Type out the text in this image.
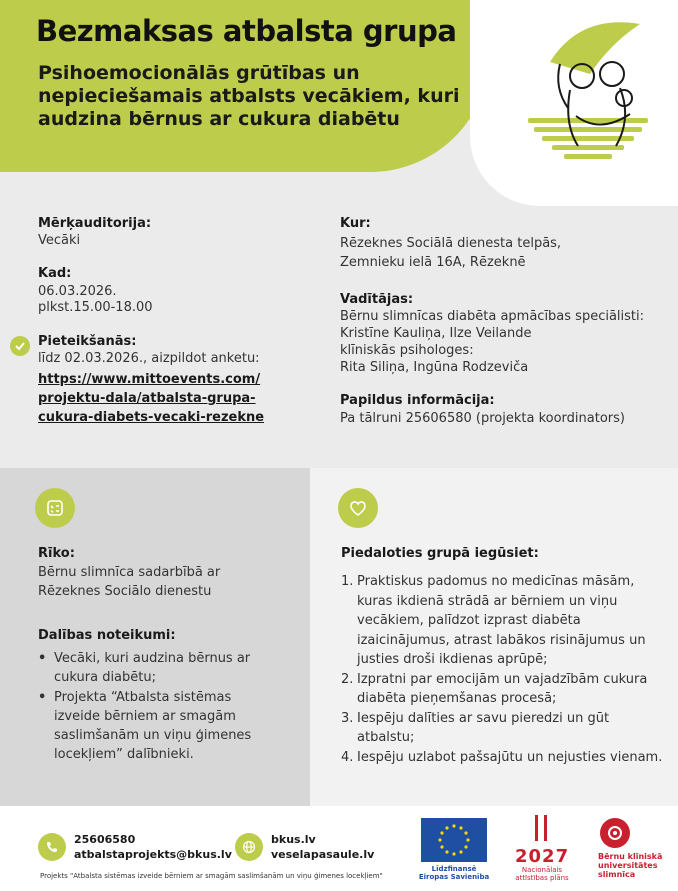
Bezmaksas atbalsta grupa
Psihoemocionālās grūtības un nepieciešamais atbalsts vecākiem, kuri audzina bērnus ar cukura diabētu
Mērķauditorija:
Vecāki
Kad:
06.03.2026.
plkst.15.00-18.00
Pieteikšanās:
līdz 02.03.2026., aizpildot anketu:
https://www.mittoevents.com/
projektu-dala/atbalsta-grupa-
cukura-diabets-vecaki-rezekne
Kur:
Rēzeknes Sociālā dienesta telpās,
Zemnieku ielā 16A, Rēzeknē
Vadītājas:
Bērnu slimnīcas diabēta apmācības speciālisti:
Kristīne Kauliņa, Ilze Veilande
klīniskās psihologes:
Rita Siliņa, Ingūna Rodzeviča
Papildus informācija:
Pa tālruni 25606580 (projekta koordinators)
Rīko:
Bērnu slimnīca sadarbībā ar
Rēzeknes Sociālo dienestu
Dalības noteikumi:
• Vecāki, kuri audzina bērnus ar cukura diabētu;
• Projekta “Atbalsta sistēmas izveide bērniem ar smagām saslimšanām un viņu ģimenes locekļiem” dalībnieki.
Piedaloties grupā iegūsiet:
1. Praktiskus padomus no medicīnas māsām, kuras ikdienā strādā ar bērniem un viņu vecākiem, palīdzot izprast diabēta izaicinājumus, atrast labākos risinājumus un justies droši ikdienas aprūpē;
2. Izpratni par emocijām un vajadzībām cukura diabēta pieņemšanas procesā;
3. Iespēju dalīties ar savu pieredzi un gūt atbalstu;
4. Iespēju uzlabot pašsajūtu un nejusties vienam.
25606580
atbalstaprojekts@bkus.lv
bkus.lv
veselapasaule.lv
Projekts "Atbalsta sistēmas izveide bērniem ar smagām saslimšanām un viņu ģimenes locekļiem"
Līdzfinansē
Eiropas Savienība
2027
Nacionālais
attīstības plāns
Bērnu klīniskā
universitātes
slimnīca
